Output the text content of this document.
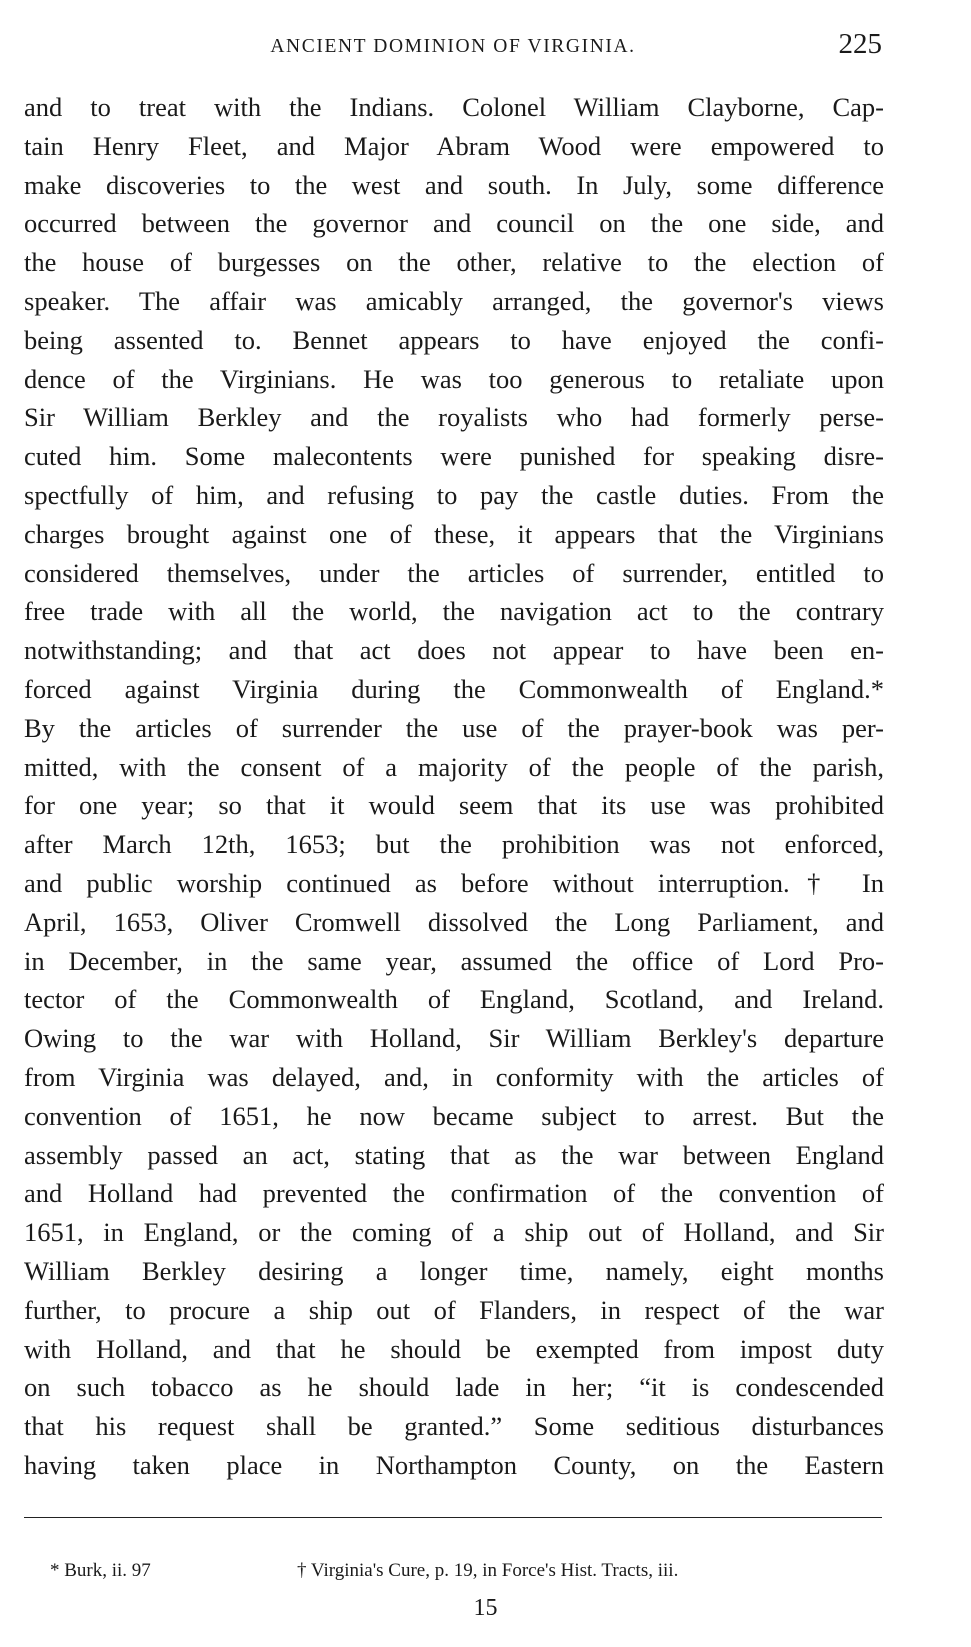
ANCIENT DOMINION OF VIRGINIA.	225
and to treat with the Indians. Colonel William Clayborne, Cap-
tain Henry Fleet, and Major Abram Wood were empowered to
make discoveries to the west and south. In July, some difference
occurred between the governor and council on the one side, and
the house of burgesses on the other, relative to the election of
speaker. The affair was amicably arranged, the governor's views
being assented to. Bennet appears to have enjoyed the confi-
dence of the Virginians. He was too generous to retaliate upon
Sir William Berkley and the royalists who had formerly perse-
cuted him. Some malecontents were punished for speaking disre-
spectfully of him, and refusing to pay the castle duties. From the
charges brought against one of these, it appears that the Virginians
considered themselves, under the articles of surrender, entitled to
free trade with all the world, the navigation act to the contrary
notwithstanding; and that act does not appear to have been en-
forced against Virginia during the Commonwealth of England.*
By the articles of surrender the use of the prayer-book was per-
mitted, with the consent of a majority of the people of the parish,
for one year; so that it would seem that its use was prohibited
after March 12th, 1653; but the prohibition was not enforced,
and public worship continued as before without interruption.† In
April, 1653, Oliver Cromwell dissolved the Long Parliament, and
in December, in the same year, assumed the office of Lord Pro-
tector of the Commonwealth of England, Scotland, and Ireland.
Owing to the war with Holland, Sir William Berkley's departure
from Virginia was delayed, and, in conformity with the articles of
convention of 1651, he now became subject to arrest. But the
assembly passed an act, stating that as the war between England
and Holland had prevented the confirmation of the convention of
1651, in England, or the coming of a ship out of Holland, and Sir
William Berkley desiring a longer time, namely, eight months
further, to procure a ship out of Flanders, in respect of the war
with Holland, and that he should be exempted from impost duty
on such tobacco as he should lade in her; “it is condescended
that his request shall be granted.” Some seditious disturbances
having taken place in Northampton County, on the Eastern
* Burk, ii. 97	† Virginia's Cure, p. 19, in Force's Hist. Tracts, iii.
15
